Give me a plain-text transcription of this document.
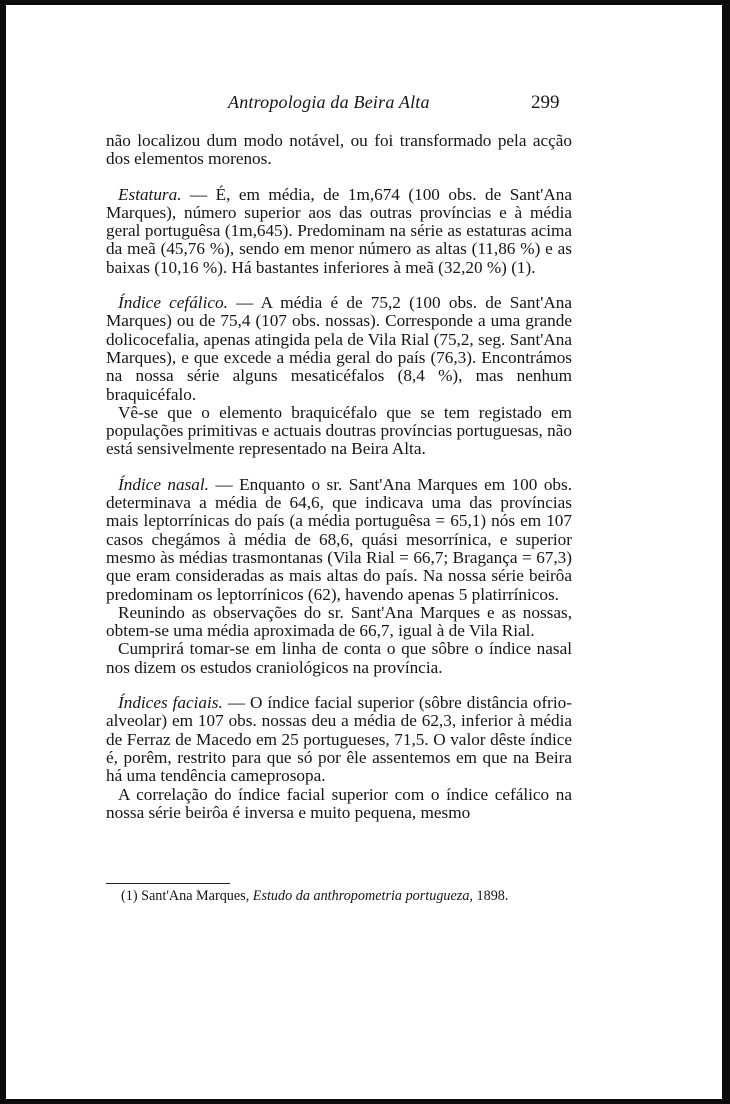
Antropologia da Beira Alta	299

não localizou dum modo notável, ou foi transformado pela acção dos elementos morenos.

Estatura. — É, em média, de 1m,674 (100 obs. de Sant'Ana Marques), número superior aos das outras províncias e à média geral portuguêsa (1m,645). Predominam na série as estaturas acima da meã (45,76 %), sendo em menor número as altas (11,86 %) e as baixas (10,16 %). Há bastantes inferiores à meã (32,20 %) (1).

Índice cefálico. — A média é de 75,2 (100 obs. de Sant'Ana Marques) ou de 75,4 (107 obs. nossas). Corresponde a uma grande dolicocefalia, apenas atingida pela de Vila Rial (75,2, seg. Sant'Ana Marques), e que excede a média geral do país (76,3). Encontrámos na nossa série alguns mesaticéfalos (8,4 %), mas nenhum braquicéfalo.

Vê-se que o elemento braquicéfalo que se tem registado em populações primitivas e actuais doutras províncias portuguesas, não está sensivelmente representado na Beira Alta.

Índice nasal. — Enquanto o sr. Sant'Ana Marques em 100 obs. determinava a média de 64,6, que indicava uma das províncias mais leptorrínicas do país (a média portuguêsa = 65,1) nós em 107 casos chegámos à média de 68,6, quási mesorrínica, e superior mesmo às médias trasmontanas (Vila Rial = 66,7; Bragança = 67,3) que eram consideradas as mais altas do país. Na nossa série beirôa predominam os leptorrínicos (62), havendo apenas 5 platirrínicos.

Reunindo as observações do sr. Sant'Ana Marques e as nossas, obtem-se uma média aproximada de 66,7, igual à de Vila Rial.

Cumprirá tomar-se em linha de conta o que sôbre o índice nasal nos dizem os estudos craniológicos na província.

Índices faciais. — O índice facial superior (sôbre distância ofrio-alveolar) em 107 obs. nossas deu a média de 62,3, inferior à média de Ferraz de Macedo em 25 portugueses, 71,5. O valor dêste índice é, porêm, restrito para que só por êle assentemos em que na Beira há uma tendência cameprosopa.

A correlação do índice facial superior com o índice cefálico na nossa série beirôa é inversa e muito pequena, mesmo

(1) Sant'Ana Marques, Estudo da anthropometria portugueza, 1898.
